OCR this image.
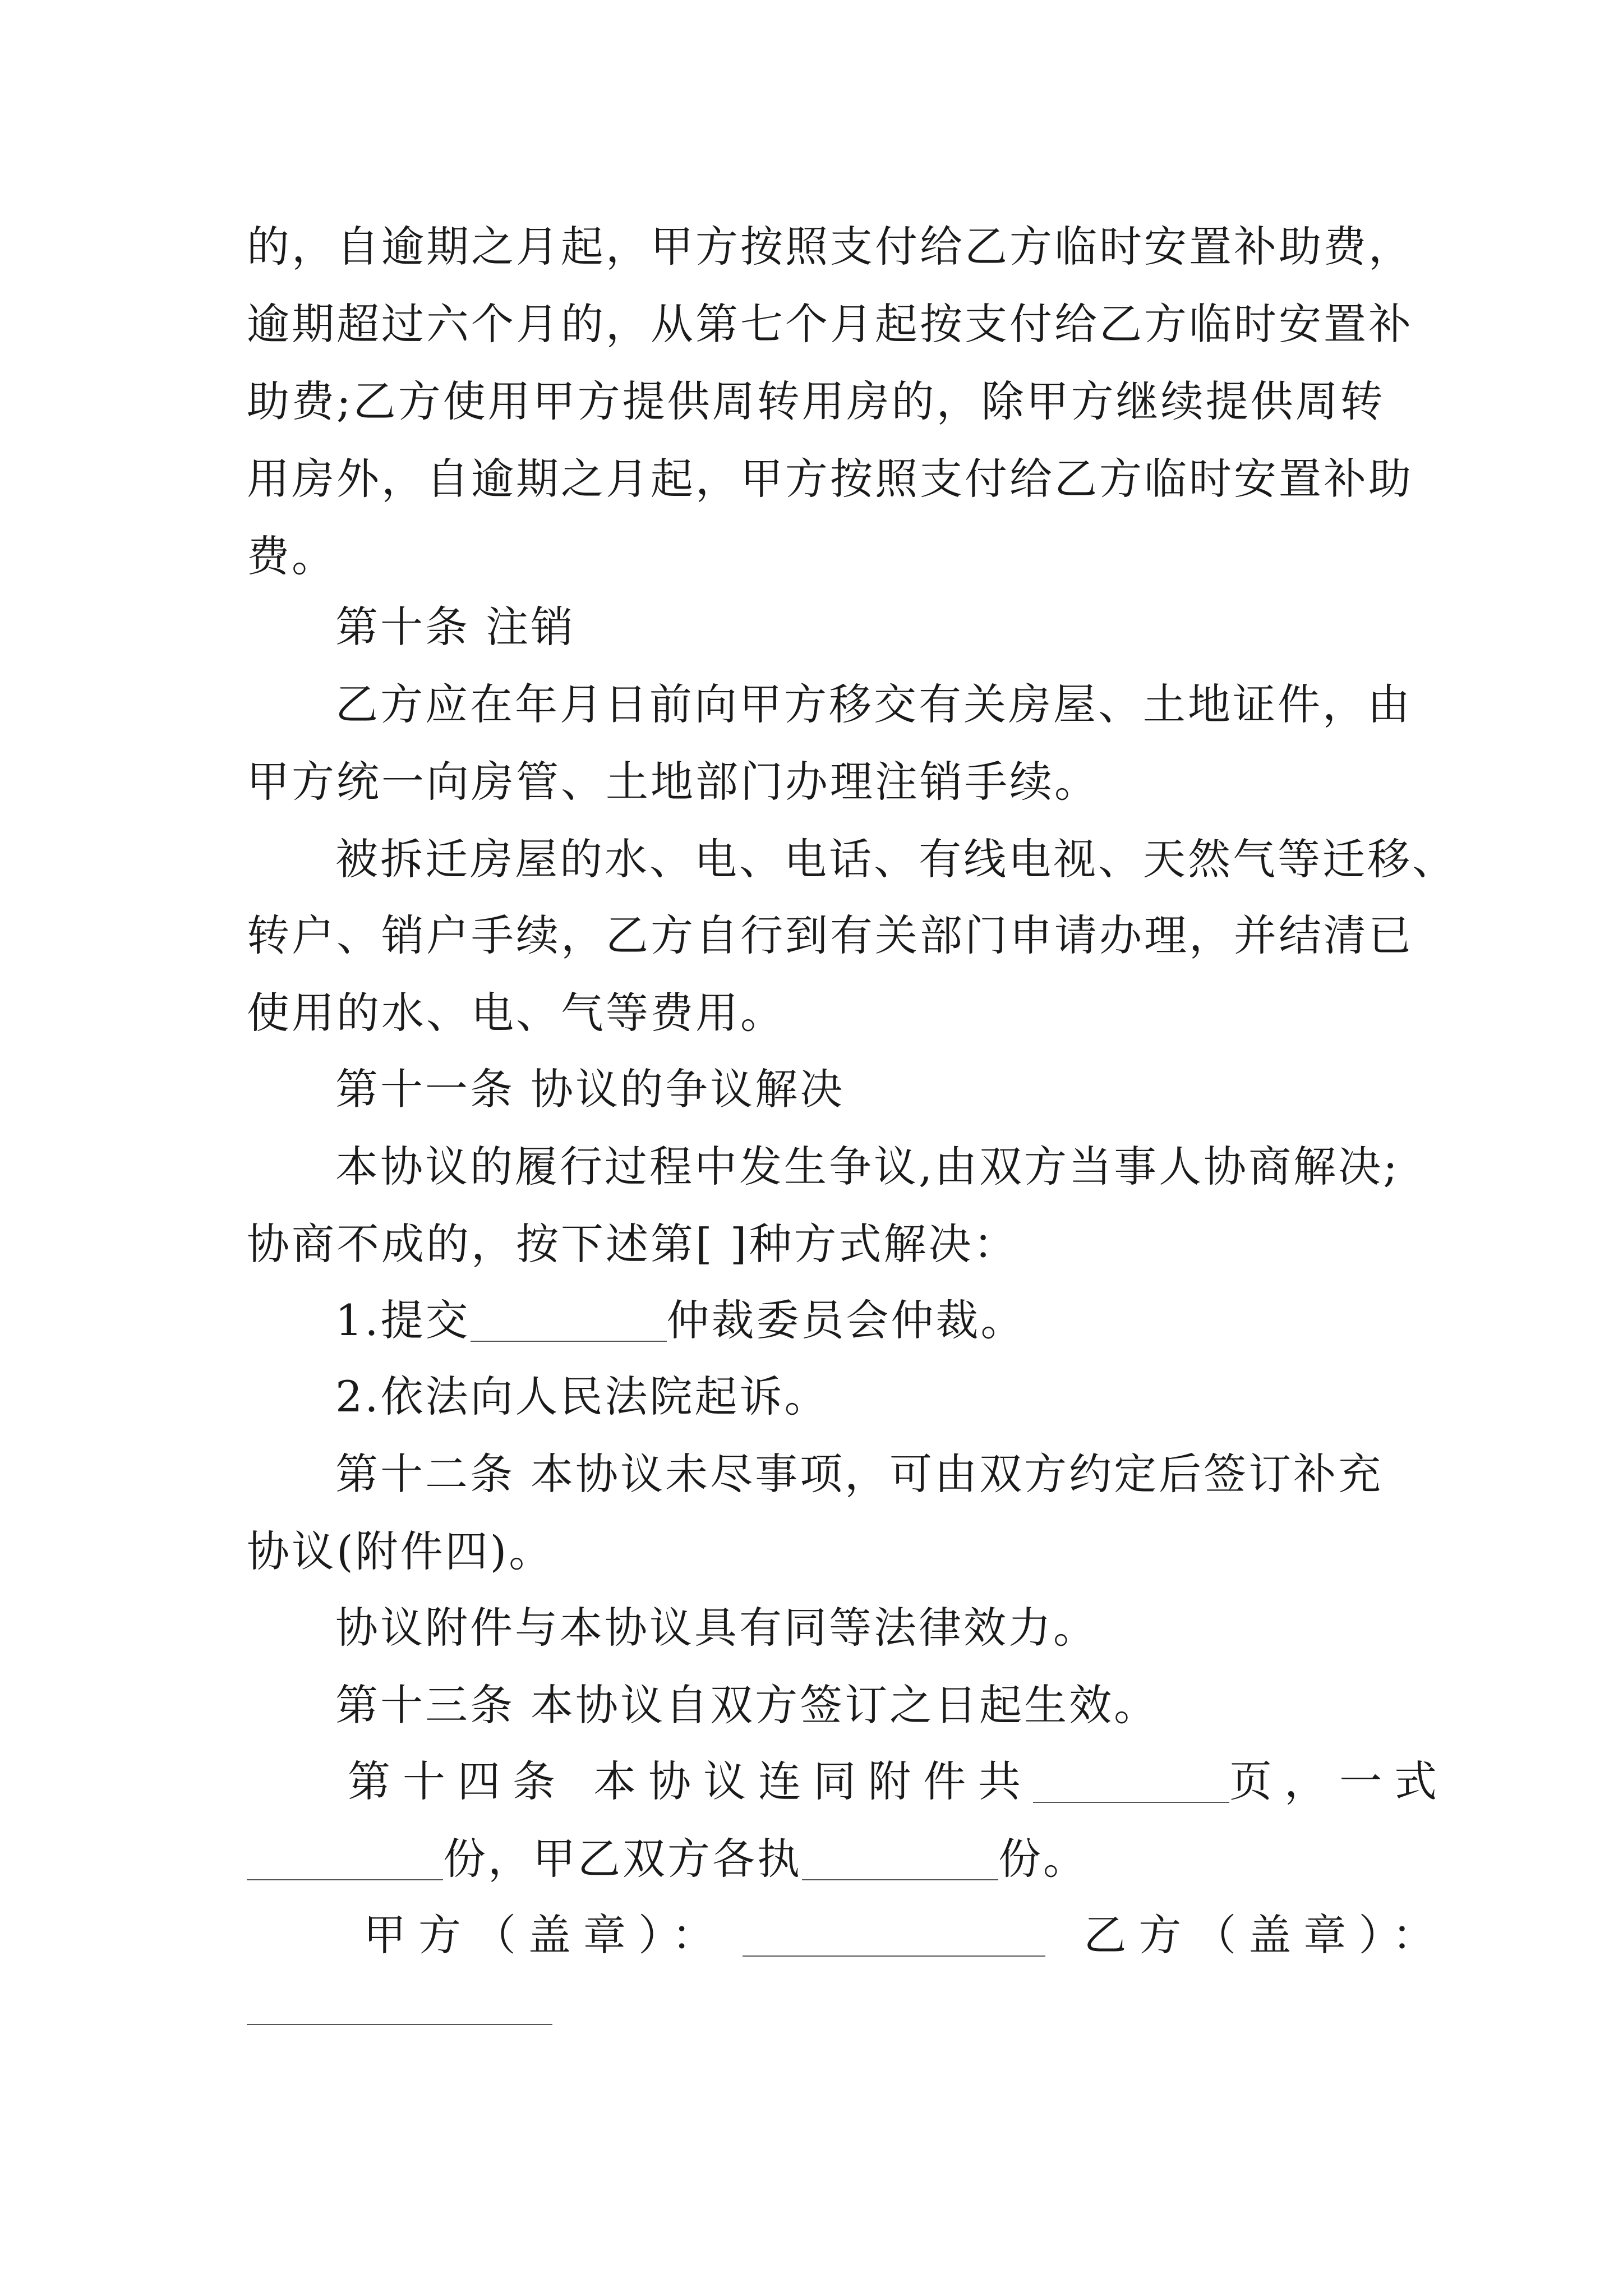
的，自逾期之月起，甲方按照支付给乙方临时安置补助费，
逾期超过六个月的，从第七个月起按支付给乙方临时安置补
助费;乙方使用甲方提供周转用房的，除甲方继续提供周转
用房外，自逾期之月起，甲方按照支付给乙方临时安置补助
费。
第十条 注销
乙方应在年月日前向甲方移交有关房屋、土地证件，由
甲方统一向房管、土地部门办理注销手续。
被拆迁房屋的水、电、电话、有线电视、天然气等迁移、
转户、销户手续，乙方自行到有关部门申请办理，并结清已
使用的水、电、气等费用。
第十一条 协议的争议解决
本协议的履行过程中发生争议,由双方当事人协商解决;
协商不成的，按下述第[ ]种方式解决：
1.提交	仲裁委员会仲裁。
2.依法向人民法院起诉。
第十二条 本协议未尽事项，可由双方约定后签订补充
协议(附件四)。
协议附件与本协议具有同等法律效力。
第十三条 本协议自双方签订之日起生效。
第十四条 本协议连同附件共	页，一式
份，甲乙双方各执	份。
甲方（盖章）：	乙方（盖章）：
